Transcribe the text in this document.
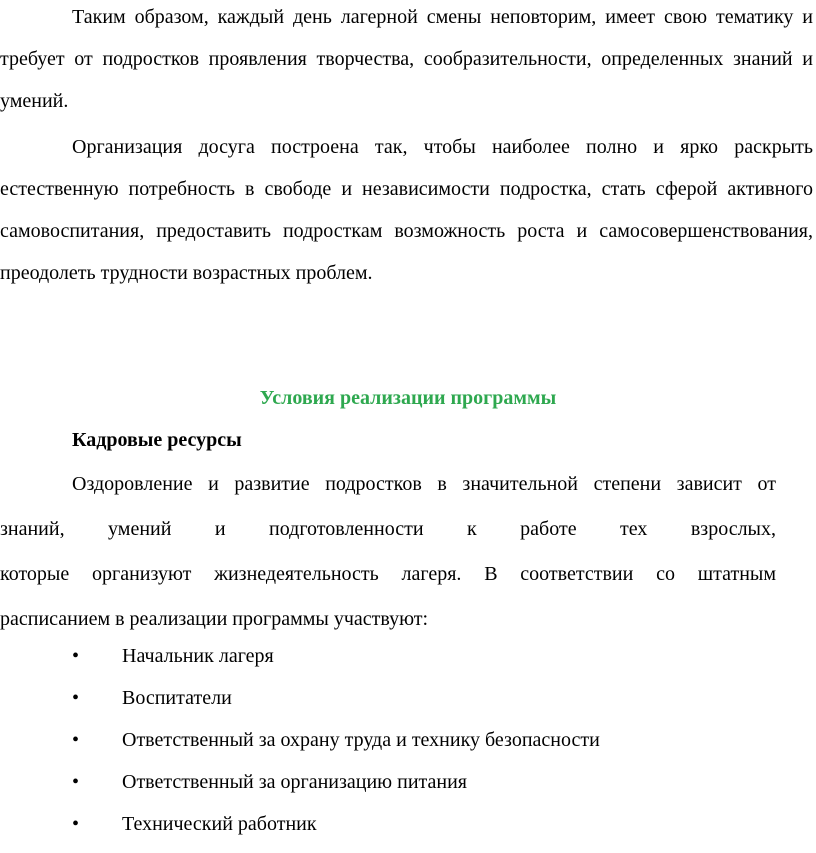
Таким образом, каждый день лагерной смены неповторим, имеет свою тематику и требует от подростков проявления творчества, сообразительности, определенных знаний и умений.

Организация досуга построена так, чтобы наиболее полно и ярко раскрыть естественную потребность в свободе и независимости подростка, стать сферой активного самовоспитания, предоставить подросткам возможность роста и самосовершенствования, преодолеть трудности возрастных проблем.

Условия реализации программы
Кадровые ресурсы
Оздоровление и развитие подростков в значительной степени зависит от
знаний, умений и подготовленности к работе тех взрослых,
которые организуют жизнедеятельность лагеря. В соответствии со штатным
расписанием в реализации программы участвуют:
• Начальник лагеря
• Воспитатели
• Ответственный за охрану труда и технику безопасности
• Ответственный за организацию питания
• Технический работник
